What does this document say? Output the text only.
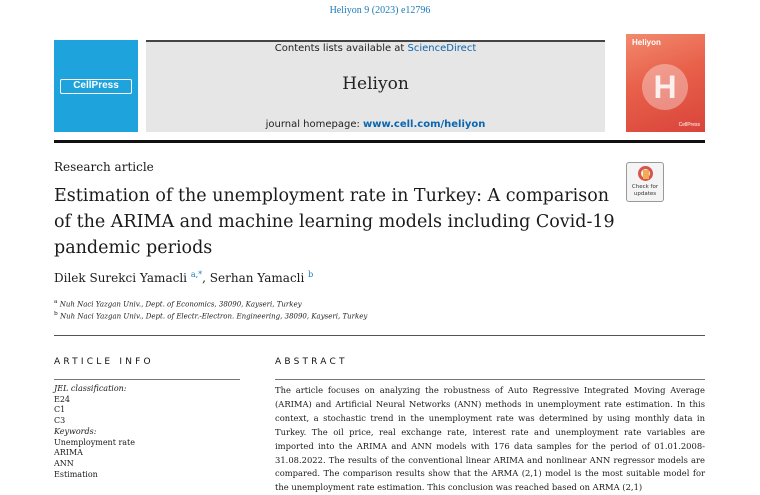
Heliyon 9 (2023) e12796
CellPress
Contents lists available at ScienceDirect
Heliyon
journal homepage: www.cell.com/heliyon
Heliyon
H
CellPress
Research article
Estimation of the unemployment rate in Turkey: A comparison of the ARIMA and machine learning models including Covid-19 pandemic periods
Check for
updates
Dilek Surekci Yamacli $^{a,*}$, Serhan Yamacli $^b$
$^a$ Nuh Naci Yazgan Univ., Dept. of Economics, 38090, Kayseri, Turkey
$^b$ Nuh Naci Yazgan Univ., Dept. of Electr.-Electron. Engineering, 38090, Kayseri, Turkey
ARTICLE INFO	ABSTRACT
JEL classification:
E24
C1
C3
Keywords:
Unemployment rate
ARIMA
ANN
Estimation
The article focuses on analyzing the robustness of Auto Regressive Integrated Moving Average (ARIMA) and Artificial Neural Networks (ANN) methods in unemployment rate estimation. In this context, a stochastic trend in the unemployment rate was determined by using monthly data in Turkey. The oil price, real exchange rate, interest rate and unemployment rate variables are imported into the ARIMA and ANN models with 176 data samples for the period of 01.01.2008-31.08.2022. The results of the conventional linear ARIMA and nonlinear ANN regressor models are compared. The comparison results show that the ARMA (2,1) model is the most suitable model for the unemployment rate estimation. This conclusion was reached based on ARMA (2,1)
